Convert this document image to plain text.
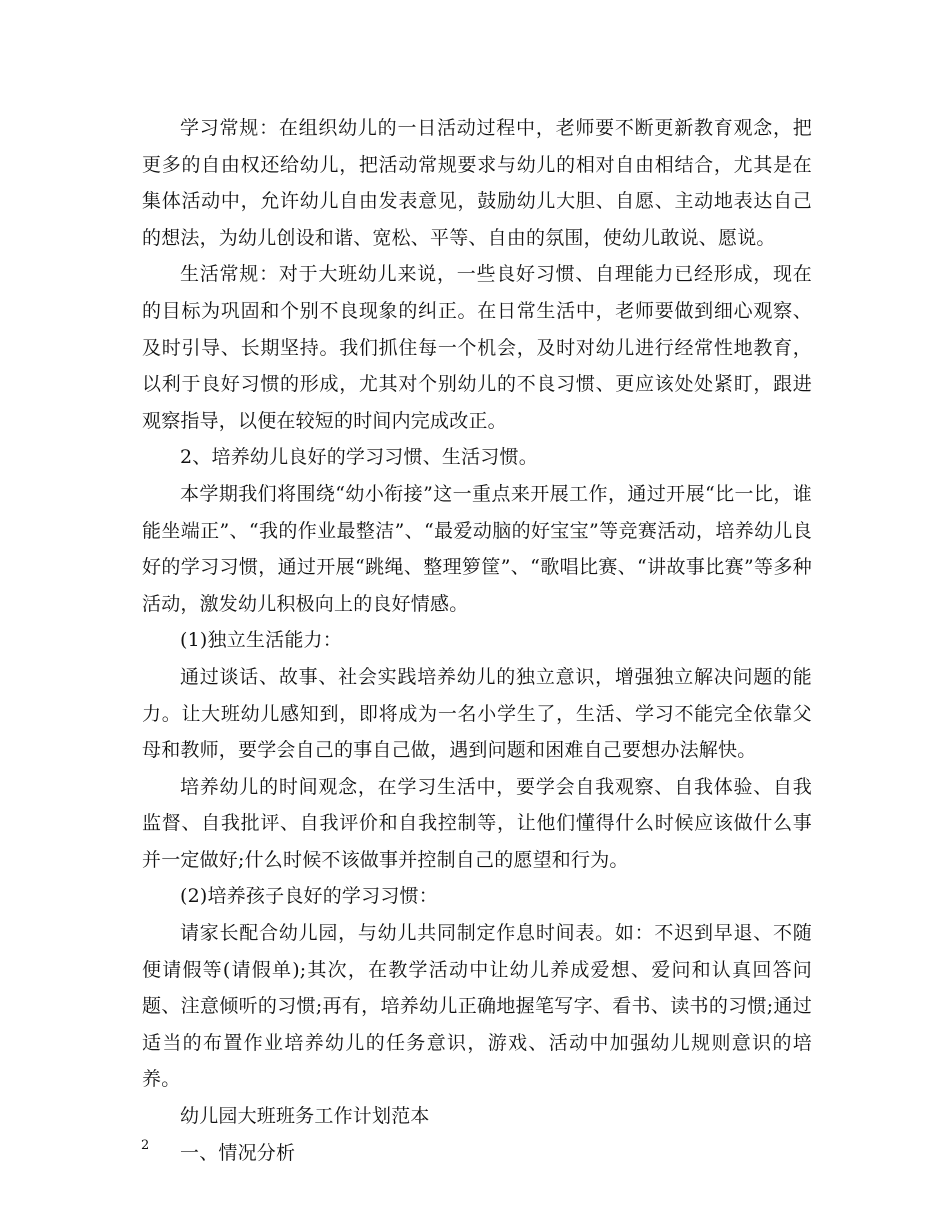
学习常规：在组织幼儿的一日活动过程中，老师要不断更新教育观念，把更多的自由权还给幼儿，把活动常规要求与幼儿的相对自由相结合，尤其是在集体活动中，允许幼儿自由发表意见，鼓励幼儿大胆、自愿、主动地表达自己的想法，为幼儿创设和谐、宽松、平等、自由的氛围，使幼儿敢说、愿说。

生活常规：对于大班幼儿来说，一些良好习惯、自理能力已经形成，现在的目标为巩固和个别不良现象的纠正。在日常生活中，老师要做到细心观察、及时引导、长期坚持。我们抓住每一个机会，及时对幼儿进行经常性地教育，以利于良好习惯的形成，尤其对个别幼儿的不良习惯、更应该处处紧盯，跟进观察指导，以便在较短的时间内完成改正。

2、培养幼儿良好的学习习惯、生活习惯。

本学期我们将围绕“幼小衔接”这一重点来开展工作，通过开展“比一比，谁能坐端正”、“我的作业最整洁”、“最爱动脑的好宝宝”等竞赛活动，培养幼儿良好的学习习惯，通过开展“跳绳、整理箩筐”、“歌唱比赛、“讲故事比赛”等多种活动，激发幼儿积极向上的良好情感。

(1)独立生活能力：

通过谈话、故事、社会实践培养幼儿的独立意识，增强独立解决问题的能力。让大班幼儿感知到，即将成为一名小学生了，生活、学习不能完全依靠父母和教师，要学会自己的事自己做，遇到问题和困难自己要想办法解快。

培养幼儿的时间观念，在学习生活中，要学会自我观察、自我体验、自我监督、自我批评、自我评价和自我控制等，让他们懂得什么时候应该做什么事并一定做好;什么时候不该做事并控制自己的愿望和行为。

(2)培养孩子良好的学习习惯：

请家长配合幼儿园，与幼儿共同制定作息时间表。如：不迟到早退、不随便请假等(请假单);其次，在教学活动中让幼儿养成爱想、爱问和认真回答问题、注意倾听的习惯;再有，培养幼儿正确地握笔写字、看书、读书的习惯;通过适当的布置作业培养幼儿的任务意识，游戏、活动中加强幼儿规则意识的培养。

幼儿园大班班务工作计划范本

一、情况分析

2
